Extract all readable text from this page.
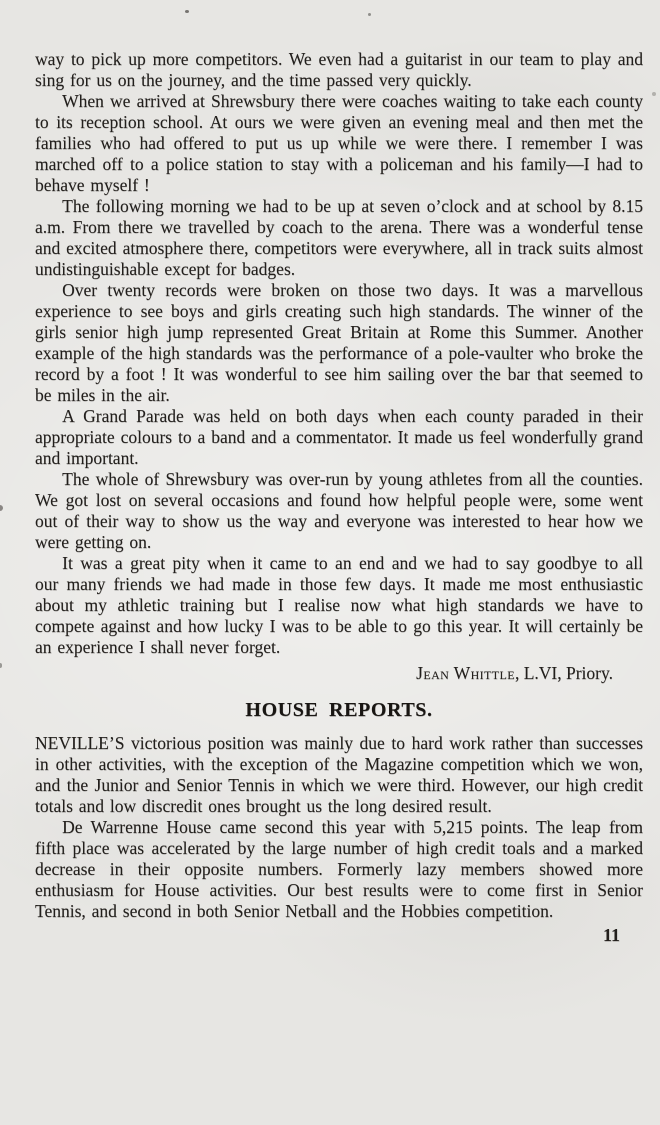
way to pick up more competitors. We even had a guitarist in our team to play and sing for us on the journey, and the time passed very quickly.

When we arrived at Shrewsbury there were coaches waiting to take each county to its reception school. At ours we were given an evening meal and then met the families who had offered to put us up while we were there. I remember I was marched off to a police station to stay with a policeman and his family—I had to behave myself !

The following morning we had to be up at seven o’clock and at school by 8.15 a.m. From there we travelled by coach to the arena. There was a wonderful tense and excited atmosphere there, competitors were everywhere, all in track suits almost undistinguishable except for badges.

Over twenty records were broken on those two days. It was a marvellous experience to see boys and girls creating such high standards. The winner of the girls senior high jump represented Great Britain at Rome this Summer. Another example of the high standards was the performance of a pole-vaulter who broke the record by a foot ! It was wonderful to see him sailing over the bar that seemed to be miles in the air.

A Grand Parade was held on both days when each county paraded in their appropriate colours to a band and a commentator. It made us feel wonderfully grand and important.

The whole of Shrewsbury was over-run by young athletes from all the counties. We got lost on several occasions and found how helpful people were, some went out of their way to show us the way and everyone was interested to hear how we were getting on.

It was a great pity when it came to an end and we had to say goodbye to all our many friends we had made in those few days. It made me most enthusiastic about my athletic training but I realise now what high standards we have to compete against and how lucky I was to be able to go this year. It will certainly be an experience I shall never forget.

Jean Whittle, L.VI, Priory.
HOUSE REPORTS.

NEVILLE’S victorious position was mainly due to hard work rather than successes in other activities, with the exception of the Magazine competition which we won, and the Junior and Senior Tennis in which we were third. However, our high credit totals and low discredit ones brought us the long desired result.

De Warrenne House came second this year with 5,215 points. The leap from fifth place was accelerated by the large number of high credit toals and a marked decrease in their opposite numbers. Formerly lazy members showed more enthusiasm for House activities. Our best results were to come first in Senior Tennis, and second in both Senior Netball and the Hobbies competition.

11
